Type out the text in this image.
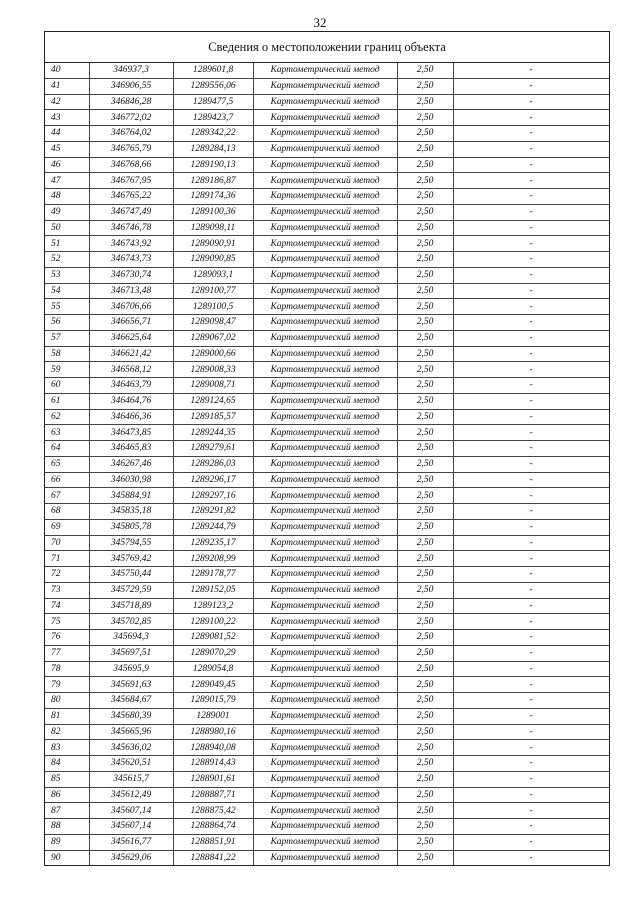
32
Сведения о местоположении границ объекта
40	346937,3	1289601,8	Картометрический метод	2,50	-
41	346906,55	1289556,06	Картометрический метод	2,50	-
42	346846,28	1289477,5	Картометрический метод	2,50	-
43	346772,02	1289423,7	Картометрический метод	2,50	-
44	346764,02	1289342,22	Картометрический метод	2,50	-
45	346765,79	1289284,13	Картометрический метод	2,50	-
46	346768,66	1289190,13	Картометрический метод	2,50	-
47	346767,95	1289186,87	Картометрический метод	2,50	-
48	346765,22	1289174,36	Картометрический метод	2,50	-
49	346747,49	1289100,36	Картометрический метод	2,50	-
50	346746,78	1289098,11	Картометрический метод	2,50	-
51	346743,92	1289090,91	Картометрический метод	2,50	-
52	346743,73	1289090,85	Картометрический метод	2,50	-
53	346730,74	1289093,1	Картометрический метод	2,50	-
54	346713,48	1289100,77	Картометрический метод	2,50	-
55	346706,66	1289100,5	Картометрический метод	2,50	-
56	346656,71	1289098,47	Картометрический метод	2,50	-
57	346625,64	1289067,02	Картометрический метод	2,50	-
58	346621,42	1289000,66	Картометрический метод	2,50	-
59	346568,12	1289008,33	Картометрический метод	2,50	-
60	346463,79	1289008,71	Картометрический метод	2,50	-
61	346464,76	1289124,65	Картометрический метод	2,50	-
62	346466,36	1289185,57	Картометрический метод	2,50	-
63	346473,85	1289244,35	Картометрический метод	2,50	-
64	346465,83	1289279,61	Картометрический метод	2,50	-
65	346267,46	1289286,03	Картометрический метод	2,50	-
66	346030,98	1289296,17	Картометрический метод	2,50	-
67	345884,91	1289297,16	Картометрический метод	2,50	-
68	345835,18	1289291,82	Картометрический метод	2,50	-
69	345805,78	1289244,79	Картометрический метод	2,50	-
70	345794,55	1289235,17	Картометрический метод	2,50	-
71	345769,42	1289208,99	Картометрический метод	2,50	-
72	345750,44	1289178,77	Картометрический метод	2,50	-
73	345729,59	1289152,05	Картометрический метод	2,50	-
74	345718,89	1289123,2	Картометрический метод	2,50	-
75	345702,85	1289100,22	Картометрический метод	2,50	-
76	345694,3	1289081,52	Картометрический метод	2,50	-
77	345697,51	1289070,29	Картометрический метод	2,50	-
78	345695,9	1289054,8	Картометрический метод	2,50	-
79	345691,63	1289049,45	Картометрический метод	2,50	-
80	345684,67	1289015,79	Картометрический метод	2,50	-
81	345680,39	1289001	Картометрический метод	2,50	-
82	345665,96	1288980,16	Картометрический метод	2,50	-
83	345636,02	1288940,08	Картометрический метод	2,50	-
84	345620,51	1288914,43	Картометрический метод	2,50	-
85	345615,7	1288901,61	Картометрический метод	2,50	-
86	345612,49	1288887,71	Картометрический метод	2,50	-
87	345607,14	1288875,42	Картометрический метод	2,50	-
88	345607,14	1288864,74	Картометрический метод	2,50	-
89	345616,77	1288851,91	Картометрический метод	2,50	-
90	345629,06	1288841,22	Картометрический метод	2,50	-
